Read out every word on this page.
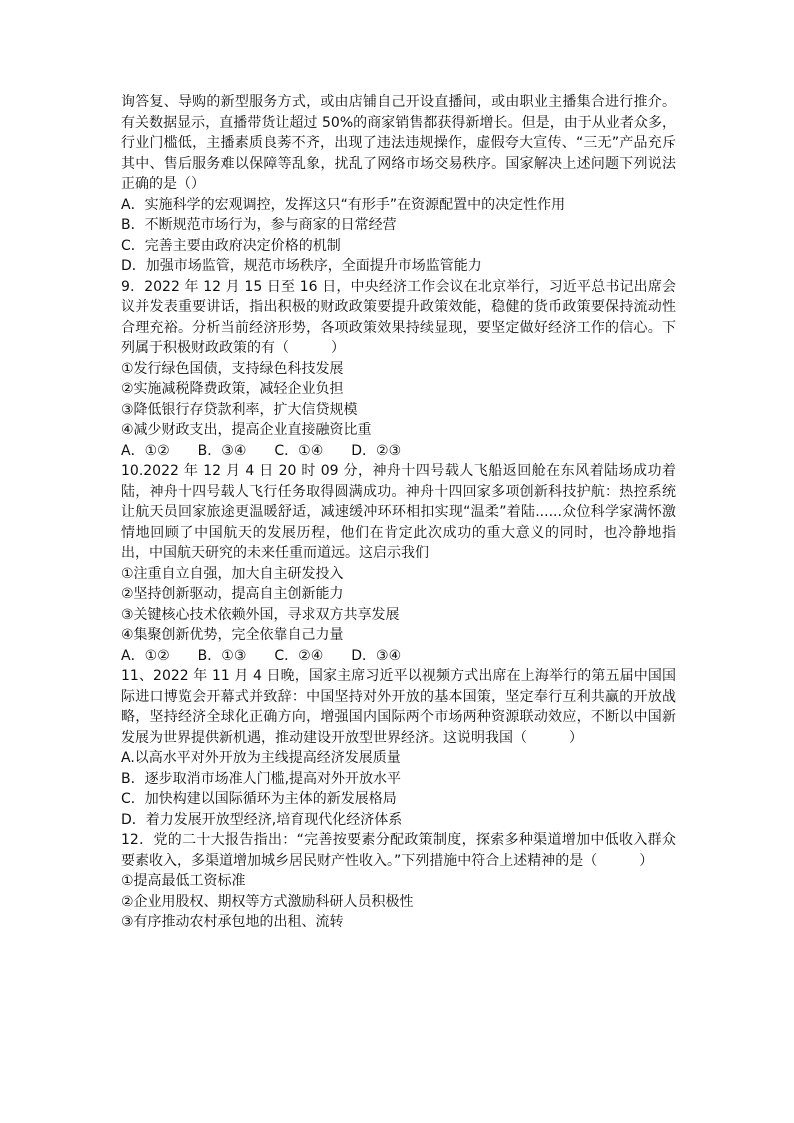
询答复、导购的新型服务方式，或由店铺自己开设直播间，或由职业主播集合进行推介。有关数据显示，直播带货让超过 50%的商家销售都获得新增长。但是，由于从业者众多，行业门槛低，主播素质良莠不齐，出现了违法违规操作，虚假夸大宣传、“三无”产品充斥其中、售后服务难以保障等乱象，扰乱了网络市场交易秩序。国家解决上述问题下列说法正确的是（）

A．实施科学的宏观调控，发挥这只“有形手”在资源配置中的决定性作用

B．不断规范市场行为，参与商家的日常经营

C．完善主要由政府决定价格的机制

D．加强市场监管，规范市场秩序，全面提升市场监管能力

9．2022 年 12 月 15 日至 16 日，中央经济工作会议在北京举行，习近平总书记出席会议并发表重要讲话，指出积极的财政政策要提升政策效能，稳健的货币政策要保持流动性合理充裕。分析当前经济形势，各项政策效果持续显现，要坚定做好经济工作的信心。下列属于积极财政政策的有（　　　）

①发行绿色国债，支持绿色科技发展

②实施减税降费政策，减轻企业负担

③降低银行存贷款利率，扩大信贷规模

④减少财政支出，提高企业直接融资比重

A．①②　　B．③④　　C．①④　　D．②③

10.2022 年 12 月 4 日 20 时 09 分，神舟十四号载人飞船返回舱在东风着陆场成功着陆，神舟十四号载人飞行任务取得圆满成功。神舟十四回家多项创新科技护航：热控系统让航天员回家旅途更温暖舒适，减速缓冲环环相扣实现“温柔”着陆......众位科学家满怀激情地回顾了中国航天的发展历程，他们在肯定此次成功的重大意义的同时，也冷静地指出，中国航天研究的未来任重而道远。这启示我们

①注重自立自强，加大自主研发投入

②坚持创新驱动，提高自主创新能力

③关键核心技术依赖外国，寻求双方共享发展

④集聚创新优势，完全依靠自己力量

A．①②　　B．①③　　C．②④　　D．③④

11、2022 年 11 月 4 日晚，国家主席习近平以视频方式出席在上海举行的第五届中国国际进口博览会开幕式并致辞：中国坚持对外开放的基本国策，坚定奉行互利共赢的开放战略，坚持经济全球化正确方向，增强国内国际两个市场两种资源联动效应，不断以中国新发展为世界提供新机遇，推动建设开放型世界经济。这说明我国（　　　）

A.以高水平对外开放为主线提高经济发展质量

B．逐步取消市场准人门槛,提高对外开放水平

C．加快构建以国际循环为主体的新发展格局

D．着力发展开放型经济,培育现代化经济体系

12．党的二十大报告指出：“完善按要素分配政策制度，探索多种渠道增加中低收入群众要素收入，多渠道增加城乡居民财产性收入。”下列措施中符合上述精神的是（　　　）

①提高最低工资标准

②企业用股权、期权等方式激励科研人员积极性

③有序推动农村承包地的出租、流转
